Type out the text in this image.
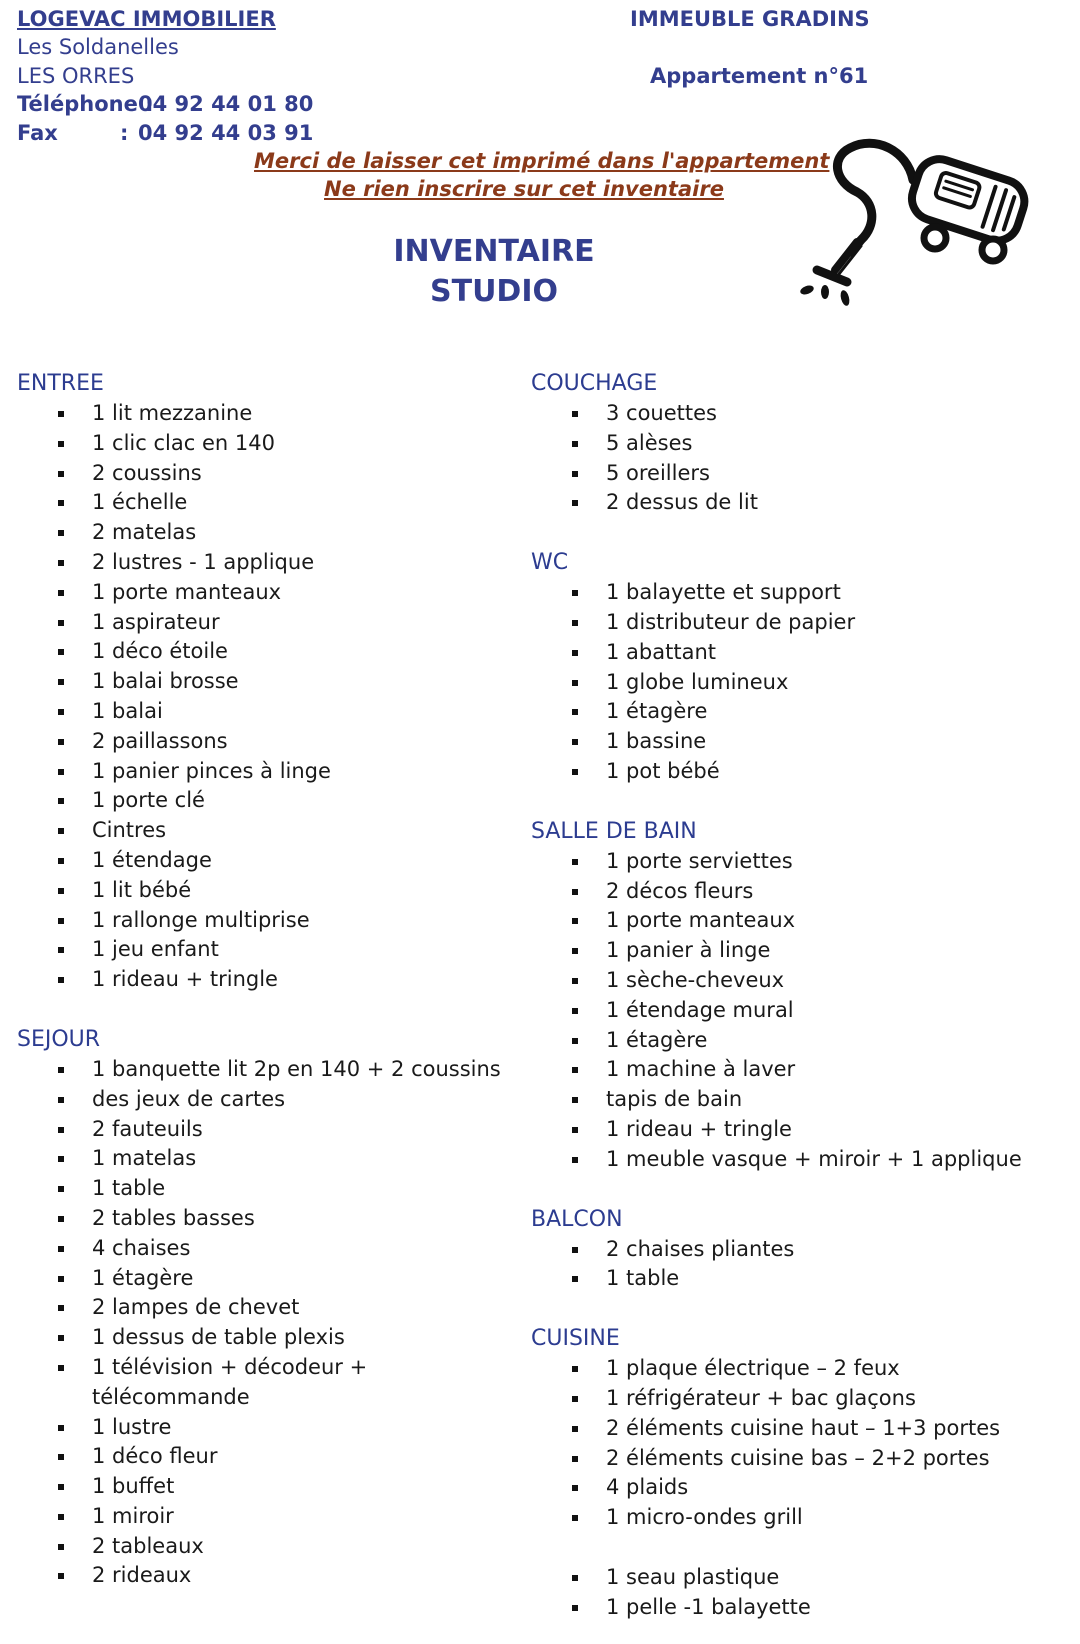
LOGEVAC IMMOBILIER
Les Soldanelles
LES ORRES
Téléphone :
04 92 44 01 80
Fax	: 04 92 44 03 91
IMMEUBLE GRADINS
Appartement n°61
Merci de laisser cet imprimé dans l'appartement
Ne rien inscrire sur cet inventaire
INVENTAIRE
STUDIO
ENTREE
1 lit mezzanine
1 clic clac en 140
2 coussins
1 échelle
2 matelas
2 lustres - 1 applique
1 porte manteaux
1 aspirateur
1 déco étoile
1 balai brosse
1 balai
2 paillassons
1 panier pinces à linge
1 porte clé
Cintres
1 étendage
1 lit bébé
1 rallonge multiprise
1 jeu enfant
1 rideau + tringle
SEJOUR
1 banquette lit 2p en 140 + 2 coussins
des jeux de cartes
2 fauteuils
1 matelas
1 table
2 tables basses
4 chaises
1 étagère
2 lampes de chevet
1 dessus de table plexis
1 télévision + décodeur +
télécommande
1 lustre
1 déco fleur
1 buffet
1 miroir
2 tableaux
2 rideaux
COUCHAGE
3 couettes
5 alèses
5 oreillers
2 dessus de lit
WC
1 balayette et support
1 distributeur de papier
1 abattant
1 globe lumineux
1 étagère
1 bassine
1 pot bébé
SALLE DE BAIN
1 porte serviettes
2 décos fleurs
1 porte manteaux
1 panier à linge
1 sèche-cheveux
1 étendage mural
1 étagère
1 machine à laver
tapis de bain
1 rideau + tringle
1 meuble vasque + miroir + 1 applique
BALCON
2 chaises pliantes
1 table
CUISINE
1 plaque électrique – 2 feux
1 réfrigérateur + bac glaçons
2 éléments cuisine haut – 1+3 portes
2 éléments cuisine bas – 2+2 portes
4 plaids
1 micro-ondes grill
1 seau plastique
1 pelle -1 balayette
